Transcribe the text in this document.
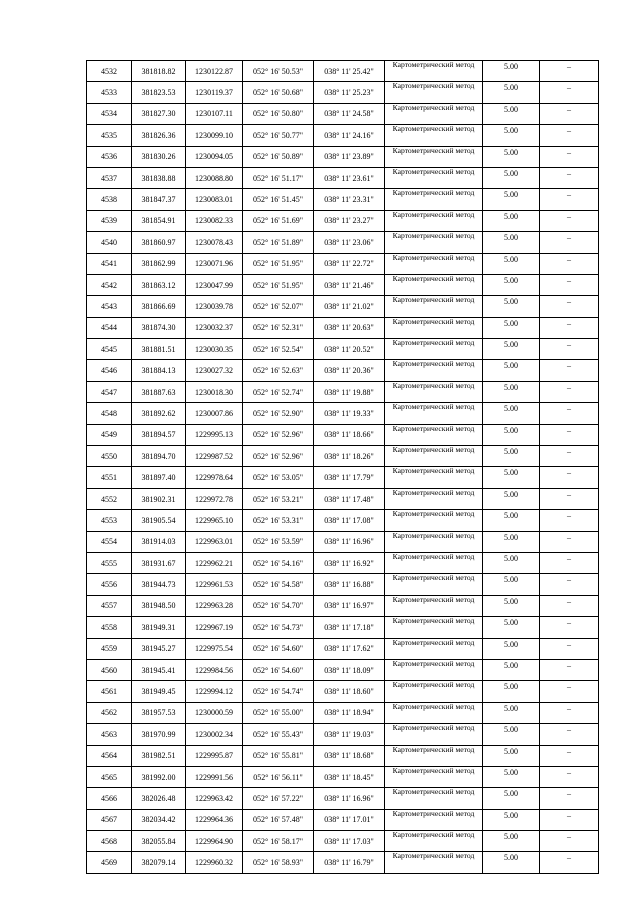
4532	381818.82	1230122.87	052° 16' 50.53"	038° 11' 25.42"	Картометрический метод	5.00	–
4533	381823.53	1230119.37	052° 16' 50.68"	038° 11' 25.23"	Картометрический метод	5.00	–
4534	381827.30	1230107.11	052° 16' 50.80"	038° 11' 24.58"	Картометрический метод	5.00	–
4535	381826.36	1230099.10	052° 16' 50.77"	038° 11' 24.16"	Картометрический метод	5.00	–
4536	381830.26	1230094.05	052° 16' 50.89"	038° 11' 23.89"	Картометрический метод	5.00	–
4537	381838.88	1230088.80	052° 16' 51.17"	038° 11' 23.61"	Картометрический метод	5.00	–
4538	381847.37	1230083.01	052° 16' 51.45"	038° 11' 23.31"	Картометрический метод	5.00	–
4539	381854.91	1230082.33	052° 16' 51.69"	038° 11' 23.27"	Картометрический метод	5.00	–
4540	381860.97	1230078.43	052° 16' 51.89"	038° 11' 23.06"	Картометрический метод	5.00	–
4541	381862.99	1230071.96	052° 16' 51.95"	038° 11' 22.72"	Картометрический метод	5.00	–
4542	381863.12	1230047.99	052° 16' 51.95"	038° 11' 21.46"	Картометрический метод	5.00	–
4543	381866.69	1230039.78	052° 16' 52.07"	038° 11' 21.02"	Картометрический метод	5.00	–
4544	381874.30	1230032.37	052° 16' 52.31"	038° 11' 20.63"	Картометрический метод	5.00	–
4545	381881.51	1230030.35	052° 16' 52.54"	038° 11' 20.52"	Картометрический метод	5.00	–
4546	381884.13	1230027.32	052° 16' 52.63"	038° 11' 20.36"	Картометрический метод	5.00	–
4547	381887.63	1230018.30	052° 16' 52.74"	038° 11' 19.88"	Картометрический метод	5.00	–
4548	381892.62	1230007.86	052° 16' 52.90"	038° 11' 19.33"	Картометрический метод	5.00	–
4549	381894.57	1229995.13	052° 16' 52.96"	038° 11' 18.66"	Картометрический метод	5.00	–
4550	381894.70	1229987.52	052° 16' 52.96"	038° 11' 18.26"	Картометрический метод	5.00	–
4551	381897.40	1229978.64	052° 16' 53.05"	038° 11' 17.79"	Картометрический метод	5.00	–
4552	381902.31	1229972.78	052° 16' 53.21"	038° 11' 17.48"	Картометрический метод	5.00	–
4553	381905.54	1229965.10	052° 16' 53.31"	038° 11' 17.08"	Картометрический метод	5.00	–
4554	381914.03	1229963.01	052° 16' 53.59"	038° 11' 16.96"	Картометрический метод	5.00	–
4555	381931.67	1229962.21	052° 16' 54.16"	038° 11' 16.92"	Картометрический метод	5.00	–
4556	381944.73	1229961.53	052° 16' 54.58"	038° 11' 16.88"	Картометрический метод	5.00	–
4557	381948.50	1229963.28	052° 16' 54.70"	038° 11' 16.97"	Картометрический метод	5.00	–
4558	381949.31	1229967.19	052° 16' 54.73"	038° 11' 17.18"	Картометрический метод	5.00	–
4559	381945.27	1229975.54	052° 16' 54.60"	038° 11' 17.62"	Картометрический метод	5.00	–
4560	381945.41	1229984.56	052° 16' 54.60"	038° 11' 18.09"	Картометрический метод	5.00	–
4561	381949.45	1229994.12	052° 16' 54.74"	038° 11' 18.60"	Картометрический метод	5.00	–
4562	381957.53	1230000.59	052° 16' 55.00"	038° 11' 18.94"	Картометрический метод	5.00	–
4563	381970.99	1230002.34	052° 16' 55.43"	038° 11' 19.03"	Картометрический метод	5.00	–
4564	381982.51	1229995.87	052° 16' 55.81"	038° 11' 18.68"	Картометрический метод	5.00	–
4565	381992.00	1229991.56	052° 16' 56.11"	038° 11' 18.45"	Картометрический метод	5.00	–
4566	382026.48	1229963.42	052° 16' 57.22"	038° 11' 16.96"	Картометрический метод	5.00	–
4567	382034.42	1229964.36	052° 16' 57.48"	038° 11' 17.01"	Картометрический метод	5.00	–
4568	382055.84	1229964.90	052° 16' 58.17"	038° 11' 17.03"	Картометрический метод	5.00	–
4569	382079.14	1229960.32	052° 16' 58.93"	038° 11' 16.79"	Картометрический метод	5.00	–
